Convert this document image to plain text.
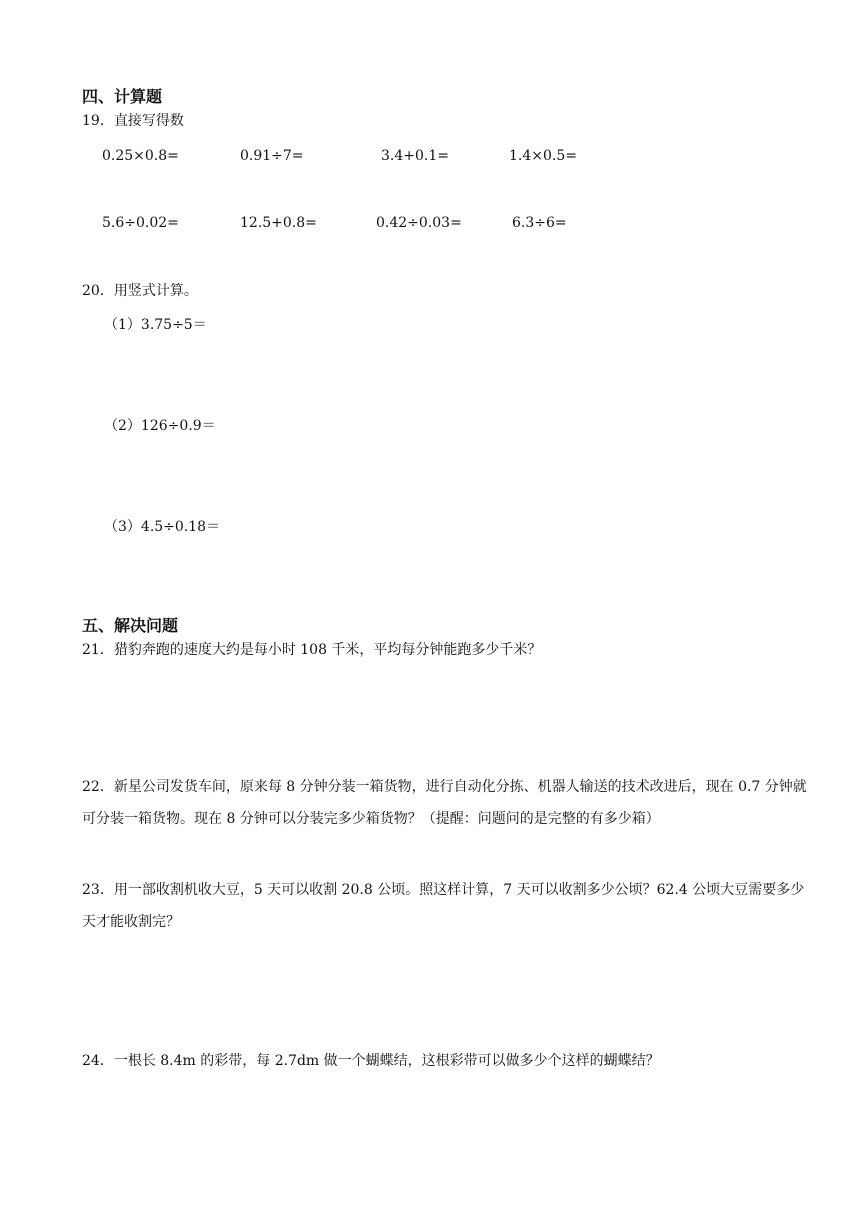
四、计算题
19．直接写得数
0.25×0.8=	0.91÷7=	3.4+0.1=	1.4×0.5=
5.6÷0.02=	12.5+0.8=	0.42÷0.03=	6.3÷6=
20．用竖式计算。
（1）3.75÷5＝
（2）126÷0.9＝
（3）4.5÷0.18＝
五、解决问题
21．猎豹奔跑的速度大约是每小时 108 千米，平均每分钟能跑多少千米？
22．新星公司发货车间，原来每 8 分钟分装一箱货物，进行自动化分拣、机器人输送的技术改进后，现在 0.7 分钟就可分装一箱货物。现在 8 分钟可以分装完多少箱货物？（提醒：问题问的是完整的有多少箱）
23．用一部收割机收大豆，5 天可以收割 20.8 公顷。照这样计算，7 天可以收割多少公顷？62.4 公顷大豆需要多少天才能收割完？
24．一根长 8.4m 的彩带，每 2.7dm 做一个蝴蝶结，这根彩带可以做多少个这样的蝴蝶结？
